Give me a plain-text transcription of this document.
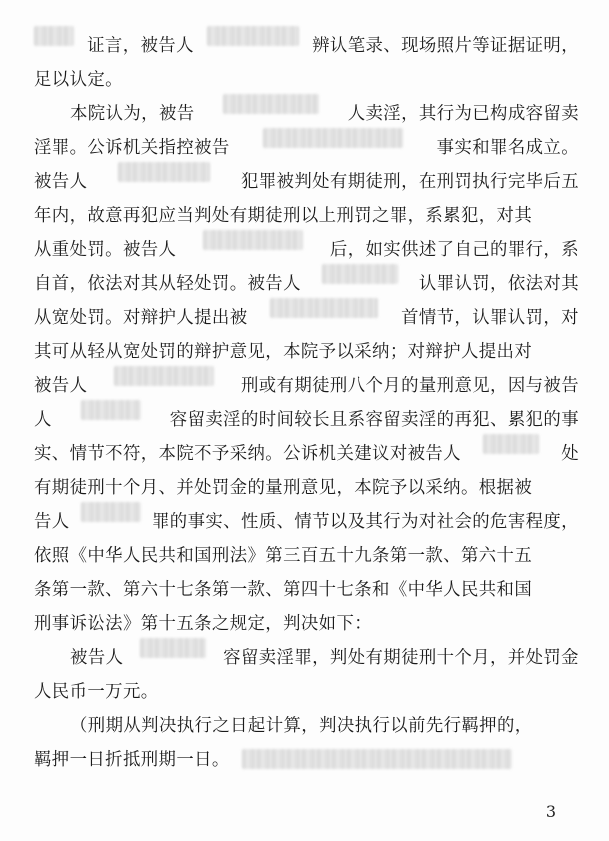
证言，被告人	辨认笔录、现场照片等证据证明，
足以认定。
本院认为，被告	人卖淫，其行为已构成容留卖
淫罪。公诉机关指控被告	事实和罪名成立。
被告人	犯罪被判处有期徒刑，在刑罚执行完毕后五
年内，故意再犯应当判处有期徒刑以上刑罚之罪，系累犯，对其
从重处罚。被告人	后，如实供述了自己的罪行，系
自首，依法对其从轻处罚。被告人	认罪认罚，依法对其
从宽处罚。对辩护人提出被	首情节，认罪认罚，对
其可从轻从宽处罚的辩护意见，本院予以采纳；对辩护人提出对
被告人	刑或有期徒刑八个月的量刑意见，因与被告
人	容留卖淫的时间较长且系容留卖淫的再犯、累犯的事
实、情节不符，本院不予采纳。公诉机关建议对被告人	处
有期徒刑十个月、并处罚金的量刑意见，本院予以采纳。根据被
告人	罪的事实、性质、情节以及其行为对社会的危害程度，
依照《中华人民共和国刑法》第三百五十九条第一款、第六十五
条第一款、第六十七条第一款、第四十七条和《中华人民共和国
刑事诉讼法》第十五条之规定，判决如下：
被告人	容留卖淫罪，判处有期徒刑十个月，并处罚金
人民币一万元。
（刑期从判决执行之日起计算，判决执行以前先行羁押的，
羁押一日折抵刑期一日。
3
